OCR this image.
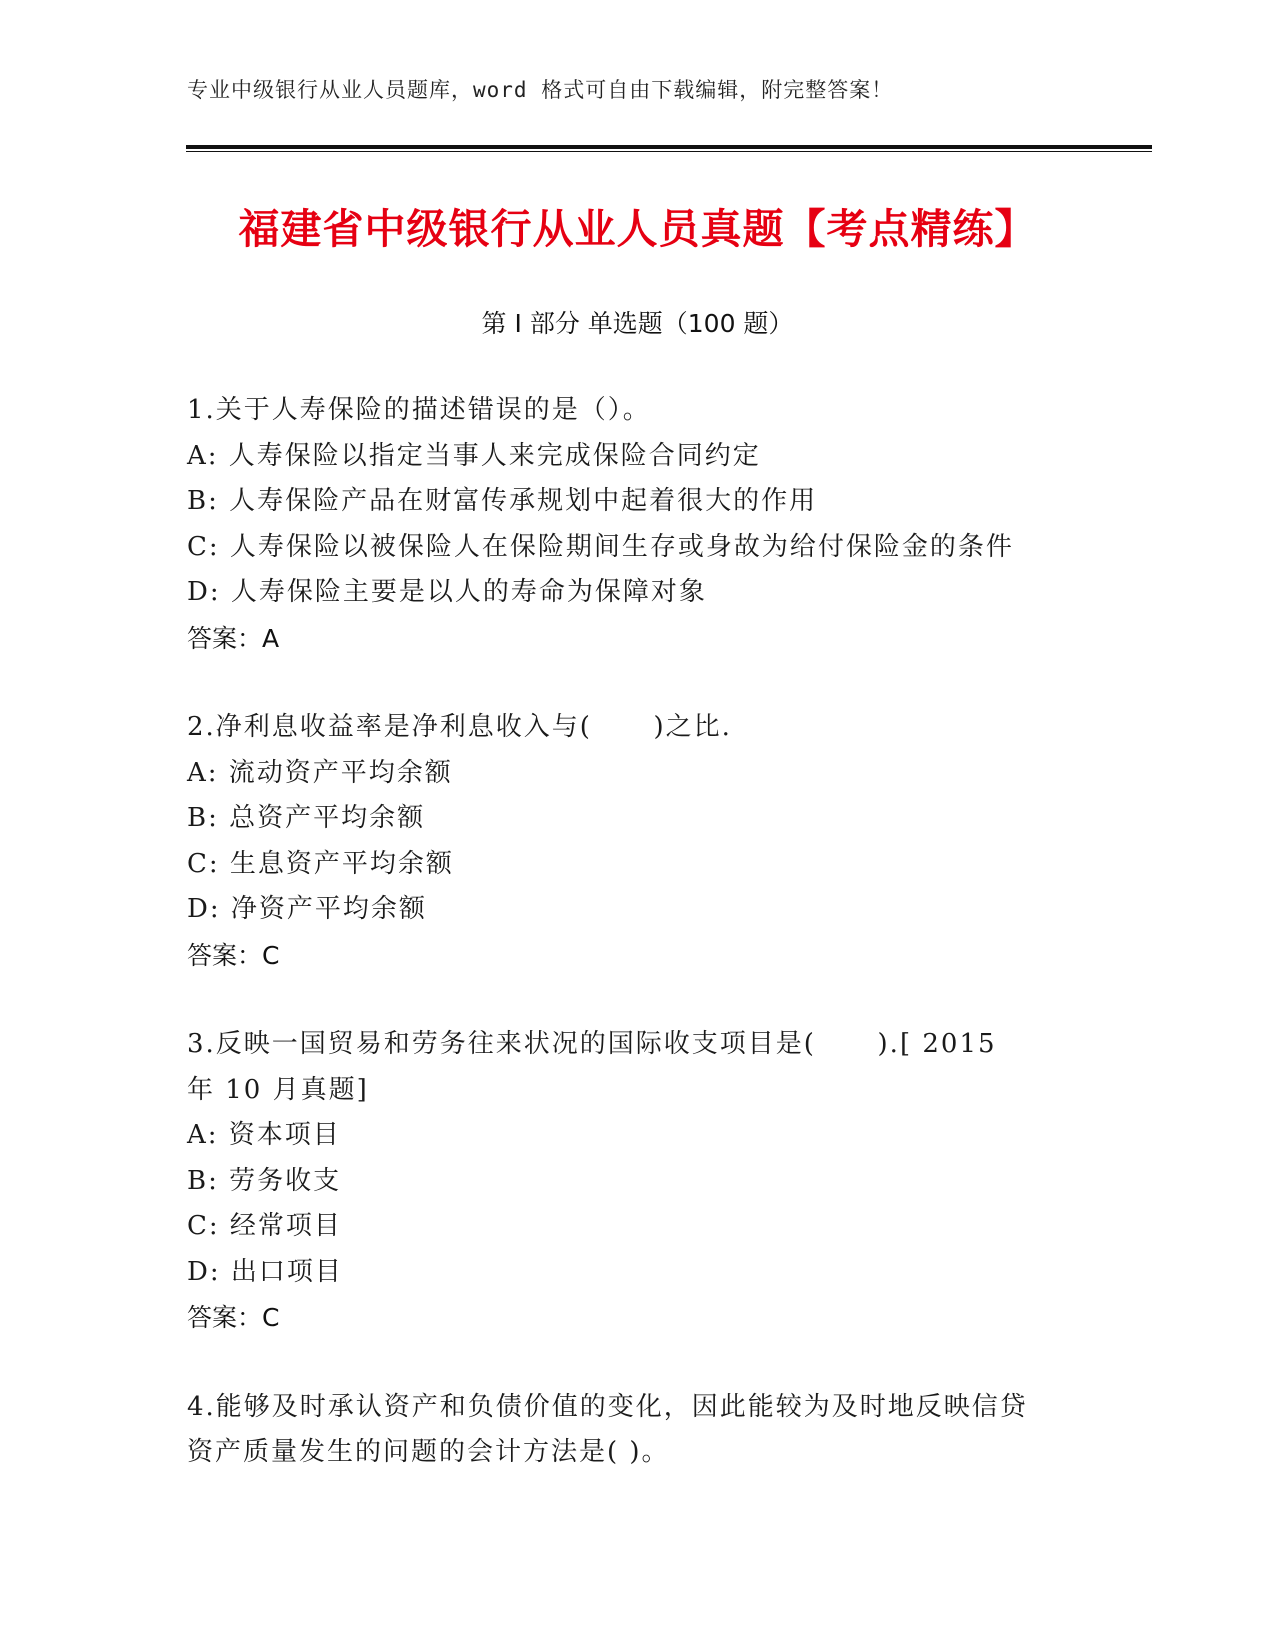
专业中级银行从业人员题库，word 格式可自由下载编辑，附完整答案！
福建省中级银行从业人员真题【考点精练】
第 I 部分 单选题（100 题）
1.关于人寿保险的描述错误的是（）。
A: 人寿保险以指定当事人来完成保险合同约定
B: 人寿保险产品在财富传承规划中起着很大的作用
C: 人寿保险以被保险人在保险期间生存或身故为给付保险金的条件
D: 人寿保险主要是以人的寿命为保障对象
答案：A
2.净利息收益率是净利息收入与(      )之比.
A: 流动资产平均余额
B: 总资产平均余额
C: 生息资产平均余额
D: 净资产平均余额
答案：C
3.反映一国贸易和劳务往来状况的国际收支项目是(      ).[ 2015
年 10 月真题]
A: 资本项目
B: 劳务收支
C: 经常项目
D: 出口项目
答案：C
4.能够及时承认资产和负债价值的变化，因此能较为及时地反映信贷
资产质量发生的问题的会计方法是( )。
